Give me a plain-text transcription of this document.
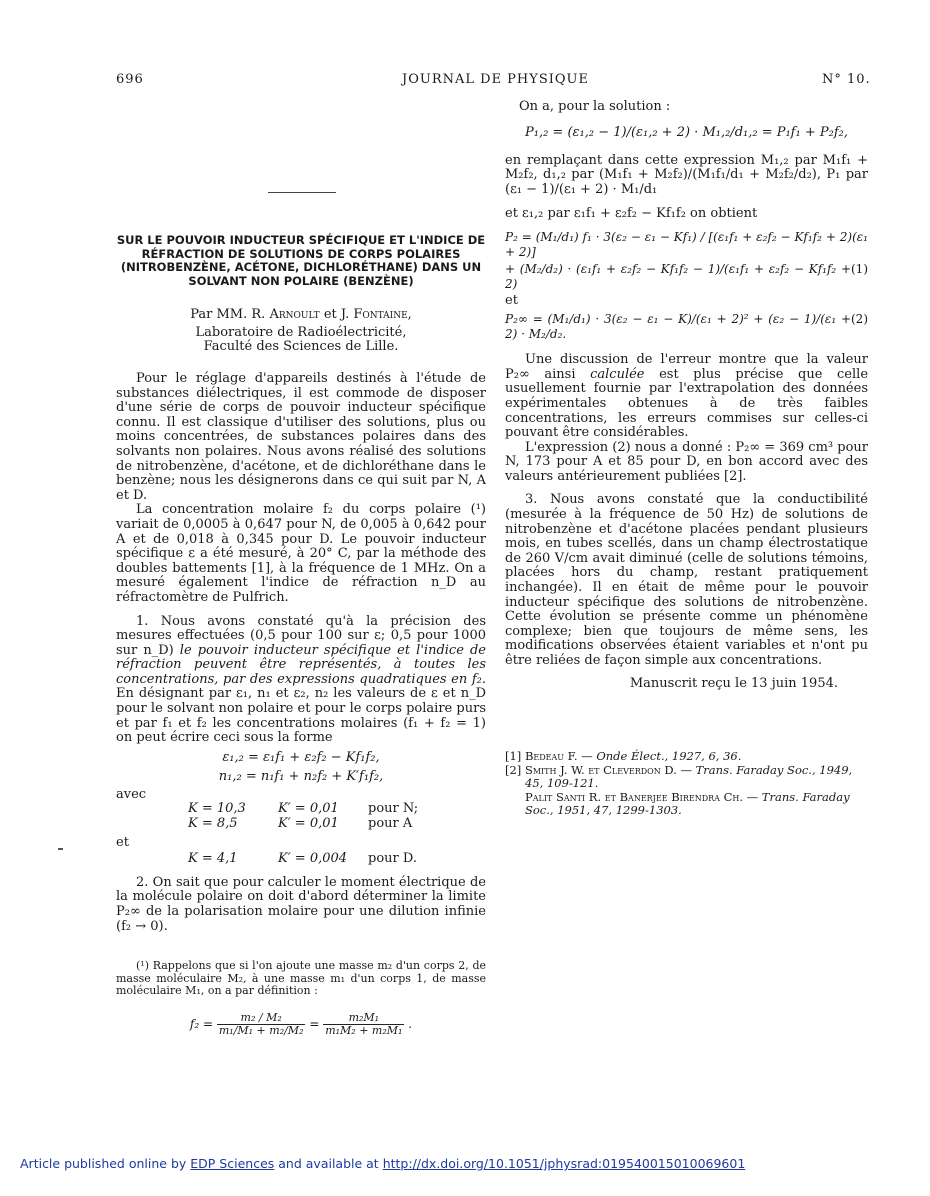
696	JOURNAL DE PHYSIQUE	N° 10.
SUR LE POUVOIR INDUCTEUR SPÉCIFIQUE ET L'INDICE DE RÉFRACTION DE SOLUTIONS DE CORPS POLAIRES (NITROBENZÈNE, ACÉTONE, DICHLORÉTHANE) DANS UN SOLVANT NON POLAIRE (BENZÈNE)
Par MM. R. Arnoult et J. Fontaine,
Laboratoire de Radioélectricité,
Faculté des Sciences de Lille.

Pour le réglage d'appareils destinés à l'étude de substances diélectriques, il est commode de disposer d'une série de corps de pouvoir inducteur spécifique connu. Il est classique d'utiliser des solutions, plus ou moins concentrées, de substances polaires dans des solvants non polaires. Nous avons réalisé des solutions de nitrobenzène, d'acétone, et de dichloréthane dans le benzène; nous les désignerons dans ce qui suit par N, A et D.

La concentration molaire f₂ du corps polaire (¹) variait de 0,0005 à 0,647 pour N, de 0,005 à 0,642 pour A et de 0,018 à 0,345 pour D. Le pouvoir inducteur spécifique ε a été mesuré, à 20° C, par la méthode des doubles battements [1], à la fréquence de 1 MHz. On a mesuré également l'indice de réfraction n_D au réfractomètre de Pulfrich.

1. Nous avons constaté qu'à la précision des mesures effectuées (0,5 pour 100 sur ε; 0,5 pour 1000 sur n_D) le pouvoir inducteur spécifique et l'indice de réfraction peuvent être représentés, à toutes les concentrations, par des expressions quadratiques en f₂. En désignant par ε₁, n₁ et ε₂, n₂ les valeurs de ε et n_D pour le solvant non polaire et pour le corps polaire purs et par f₁ et f₂ les concentrations molaires (f₁ + f₂ = 1) on peut écrire ceci sous la forme

ε₁,₂ = ε₁f₁ + ε₂f₂ − Kf₁f₂,
n₁,₂ = n₁f₁ + n₂f₂ + K′f₁f₂,
avec
K = 10,3	K′ = 0,01	pour N;
K = 8,5	K′ = 0,01	pour A
et
K = 4,1	K′ = 0,004	pour D.

2. On sait que pour calculer le moment électrique de la molécule polaire on doit d'abord déterminer la limite P₂∞ de la polarisation molaire pour une dilution infinie (f₂ → 0).

(¹) Rappelons que si l'on ajoute une masse m₂ d'un corps 2, de masse moléculaire M₂, à une masse m₁ d'un corps 1, de masse moléculaire M₁, on a par définition :

$f_2 = \frac{\text{m₂ / M₂}}{\text{m₁/M₁ + m₂/M₂}} = \frac{\text{m₂M₁}}{\text{m₁M₂ + m₂M₁}}$ .

On a, pour la solution :

P₁,₂ = (ε₁,₂ − 1)/(ε₁,₂ + 2) · M₁,₂/d₁,₂ = P₁f₁ + P₂f₂,

en remplaçant dans cette expression M₁,₂ par M₁f₁ + M₂f₂, d₁,₂ par (M₁f₁ + M₂f₂)/(M₁f₁/d₁ + M₂f₂/d₂), P₁ par (ε₁ − 1)/(ε₁ + 2) · M₁/d₁

et ε₁,₂ par ε₁f₁ + ε₂f₂ − Kf₁f₂ on obtient

P₂ = (M₁/d₁) f₁ · 3(ε₂ − ε₁ − Kf₁) / [(ε₁f₁ + ε₂f₂ − Kf₁f₂ + 2)(ε₁ + 2)]
(1)
+ (M₂/d₂) · (ε₁f₁ + ε₂f₂ − Kf₁f₂ − 1)/(ε₁f₁ + ε₂f₂ − Kf₁f₂ + 2)
et
(2)
P₂∞ = (M₁/d₁) · 3(ε₂ − ε₁ − K)/(ε₁ + 2)² + (ε₂ − 1)/(ε₁ + 2) · M₂/d₂.

Une discussion de l'erreur montre que la valeur P₂∞ ainsi calculée est plus précise que celle usuellement fournie par l'extrapolation des données expérimentales obtenues à de très faibles concentrations, les erreurs commises sur celles-ci pouvant être considérables.

L'expression (2) nous a donné : P₂∞ = 369 cm³ pour N, 173 pour A et 85 pour D, en bon accord avec des valeurs antérieurement publiées [2].

3. Nous avons constaté que la conductibilité (mesurée à la fréquence de 50 Hz) de solutions de nitrobenzène et d'acétone placées pendant plusieurs mois, en tubes scellés, dans un champ électrostatique de 260 V/cm avait diminué (celle de solutions témoins, placées hors du champ, restant pratiquement inchangée). Il en était de même pour le pouvoir inducteur spécifique des solutions de nitrobenzène. Cette évolution se présente comme un phénomène complexe; bien que toujours de même sens, les modifications observées étaient variables et n'ont pu être reliées de façon simple aux concentrations.

Manuscrit reçu le 13 juin 1954.

[1] Bedeau F. — Onde Élect., 1927, 6, 36.

[2] Smith J. W. et Cleverdon D. — Trans. Faraday Soc., 1949, 45, 109-121.

Palit Santi R. et Banerjee Birendra Ch. — Trans. Faraday Soc., 1951, 47, 1299-1303.

Article published online by EDP Sciences and available at http://dx.doi.org/10.1051/jphysrad:019540015010069601
